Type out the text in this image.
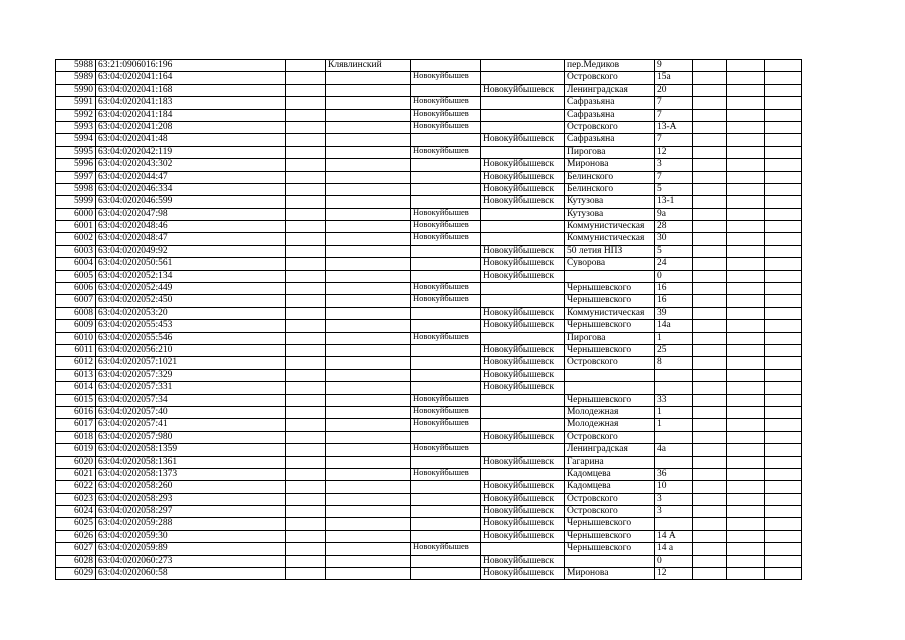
5988	63:21:0906016:196		Клявлинский			пер.Медиков	9			
5989	63:04:0202041:164			Новокуйбышев		Островского	15а			
5990	63:04:0202041:168				Новокуйбышевск	Ленинградская	20			
5991	63:04:0202041:183			Новокуйбышев		Сафразьяна	7			
5992	63:04:0202041:184			Новокуйбышев		Сафразьяна	7			
5993	63:04:0202041:208			Новокуйбышев		Островского	13-А			
5994	63:04:0202041:48				Новокуйбышевск	Сафразьяна	7			
5995	63:04:0202042:119			Новокуйбышев		Пирогова	12			
5996	63:04:0202043:302				Новокуйбышевск	Миронова	3			
5997	63:04:0202044:47				Новокуйбышевск	Белинского	7			
5998	63:04:0202046:334				Новокуйбышевск	Белинского	5			
5999	63:04:0202046:599				Новокуйбышевск	Кутузова	13-1			
6000	63:04:0202047:98			Новокуйбышев		Кутузова	9а			
6001	63:04:0202048:46			Новокуйбышев		Коммунистическая	28			
6002	63:04:0202048:47			Новокуйбышев		Коммунистическая	30			
6003	63:04:0202049:92				Новокуйбышевск	50 летия НПЗ	5			
6004	63:04:0202050:561				Новокуйбышевск	Суворова	24			
6005	63:04:0202052:134				Новокуйбышевск		0			
6006	63:04:0202052:449			Новокуйбышев		Чернышевского	16			
6007	63:04:0202052:450			Новокуйбышев		Чернышевского	16			
6008	63:04:0202053:20				Новокуйбышевск	Коммунистическая	39			
6009	63:04:0202055:453				Новокуйбышевск	Чернышевского	14а			
6010	63:04:0202055:546			Новокуйбышев		Пирогова	1			
6011	63:04:0202056:210				Новокуйбышевск	Чернышевского	25			
6012	63:04:0202057:1021				Новокуйбышевск	Островского	8			
6013	63:04:0202057:329				Новокуйбышевск					
6014	63:04:0202057:331				Новокуйбышевск					
6015	63:04:0202057:34			Новокуйбышев		Чернышевского	33			
6016	63:04:0202057:40			Новокуйбышев		Молодежная	1			
6017	63:04:0202057:41			Новокуйбышев		Молодежная	1			
6018	63:04:0202057:980				Новокуйбышевск	Островского				
6019	63:04:0202058:1359			Новокуйбышев		Ленинградская	4а			
6020	63:04:0202058:1361				Новокуйбышевск	Гагарина				
6021	63:04:0202058:1373			Новокуйбышев		Кадомцева	36			
6022	63:04:0202058:260				Новокуйбышевск	Кадомцева	10			
6023	63:04:0202058:293				Новокуйбышевск	Островского	3			
6024	63:04:0202058:297				Новокуйбышевск	Островского	3			
6025	63:04:0202059:288				Новокуйбышевск	Чернышевского				
6026	63:04:0202059:30				Новокуйбышевск	Чернышевского	14 А			
6027	63:04:0202059:89			Новокуйбышев		Чернышевского	14 а			
6028	63:04:0202060:273				Новокуйбышевск		0			
6029	63:04:0202060:58				Новокуйбышевск	Миронова	12			
